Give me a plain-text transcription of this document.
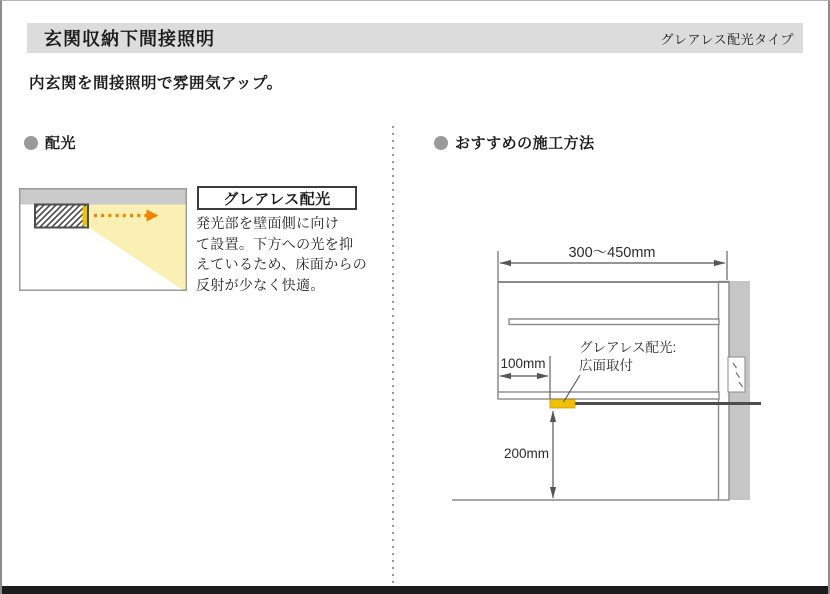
玄関収納下間接照明	グレアレス配光タイプ
内玄関を間接照明で雰囲気アップ。
配光	おすすめの施工方法
グレアレス配光
発光部を壁面側に向け
て設置。下方への光を抑
えているため、床面からの
反射が少なく快適。
300〜450mm
100mm
200mm
グレアレス配光:
広面取付
